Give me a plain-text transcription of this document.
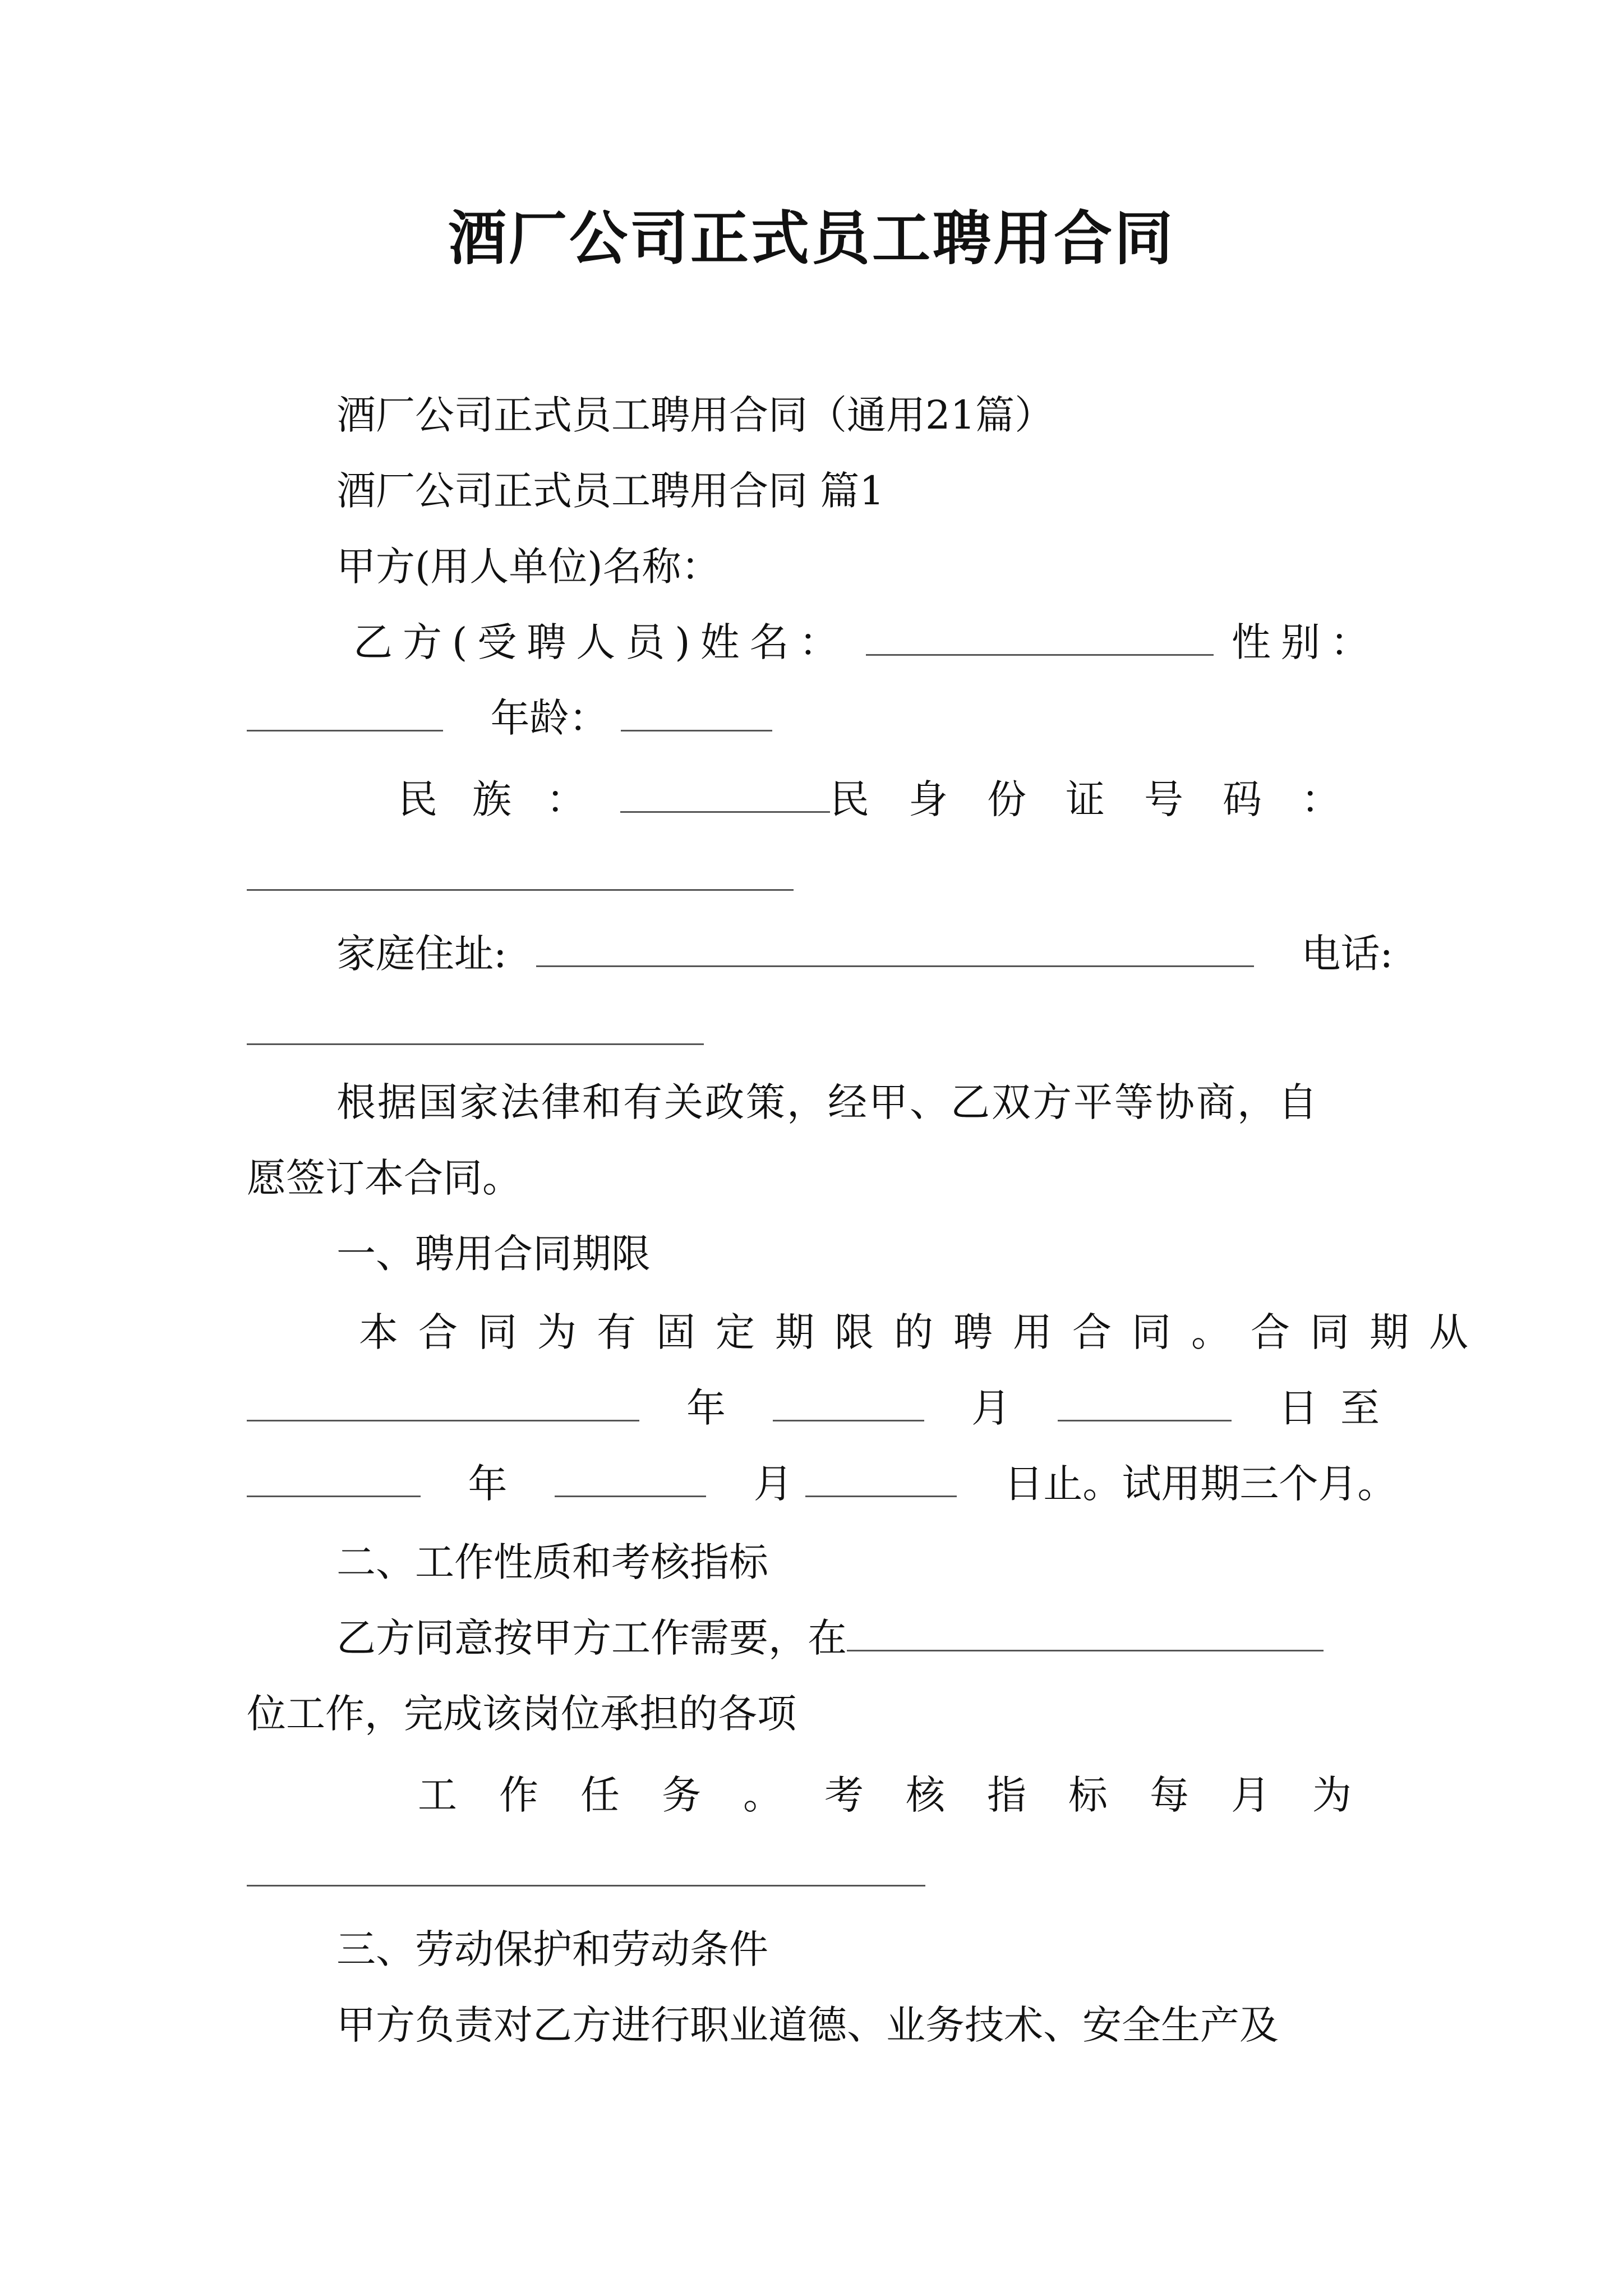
酒厂公司正式员工聘用合同
酒厂公司正式员工聘用合同（通用21篇）
酒厂公司正式员工聘用合同 篇1
甲方(用人单位)名称：
乙方(受聘人员)姓名：	性别：
年龄：
民族：	民身份证号码：
家庭住址:	电话:
根据国家法律和有关政策，经甲、乙双方平等协商，自
愿签订本合同。
一、聘用合同期限
本合同为有固定期限的聘用合同。合同期从
年	月	日至
年	月	日止。试用期三个月。
二、工作性质和考核指标
乙方同意按甲方工作需要，在
位工作，完成该岗位承担的各项
工作任务。考核指标每月为
三、劳动保护和劳动条件
甲方负责对乙方进行职业道德、业务技术、安全生产及
